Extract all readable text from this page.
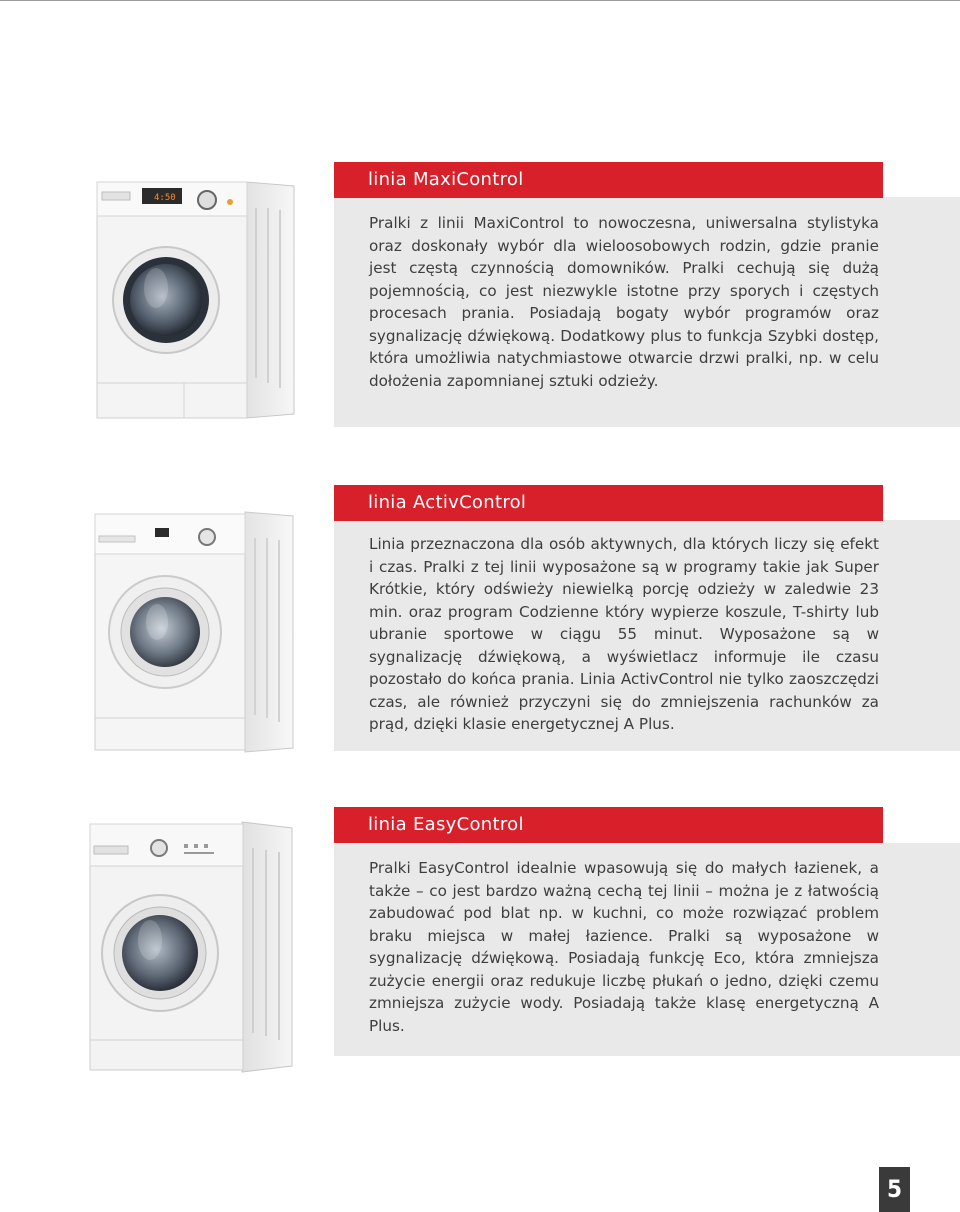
linia MaxiControl

Pralki z linii MaxiControl to nowoczesna, uniwersalna stylistyka oraz doskonały wybór dla wieloosobowych rodzin, gdzie pranie jest częstą czynnością domowników. Pralki cechują się dużą pojemnością, co jest niezwykle istotne przy sporych i częstych procesach prania. Posiadają bogaty wybór programów oraz sygnalizację dźwiękową. Dodatkowy plus to funkcja Szybki dostęp, która umożliwia natychmiastowe otwarcie drzwi pralki, np. w celu dołożenia zapomnianej sztuki odzieży.

4:50
linia ActivControl

Linia przeznaczona dla osób aktywnych, dla których liczy się efekt i czas. Pralki z tej linii wyposażone są w programy takie jak Super Krótkie, który odświeży niewielką porcję odzieży w zaledwie 23 min. oraz program Codzienne który wypierze koszule, T-shirty lub ubranie sportowe w ciągu 55 minut. Wyposażone są w sygnalizację dźwiękową, a wyświetlacz informuje ile czasu pozostało do końca prania. Linia ActivControl nie tylko zaoszczędzi czas, ale również przyczyni się do zmniejszenia rachunków za prąd, dzięki klasie energetycznej A Plus.

linia EasyControl

Pralki EasyControl idealnie wpasowują się do małych łazienek, a także – co jest bardzo ważną cechą tej linii – można je z łatwością zabudować pod blat np. w kuchni, co może rozwiązać problem braku miejsca w małej łazience. Pralki są wyposażone w sygnalizację dźwiękową. Posiadają funkcję Eco, która zmniejsza zużycie energii oraz redukuje liczbę płukań o jedno, dzięki czemu zmniejsza zużycie wody. Posiadają także klasę energetyczną A Plus.

5
